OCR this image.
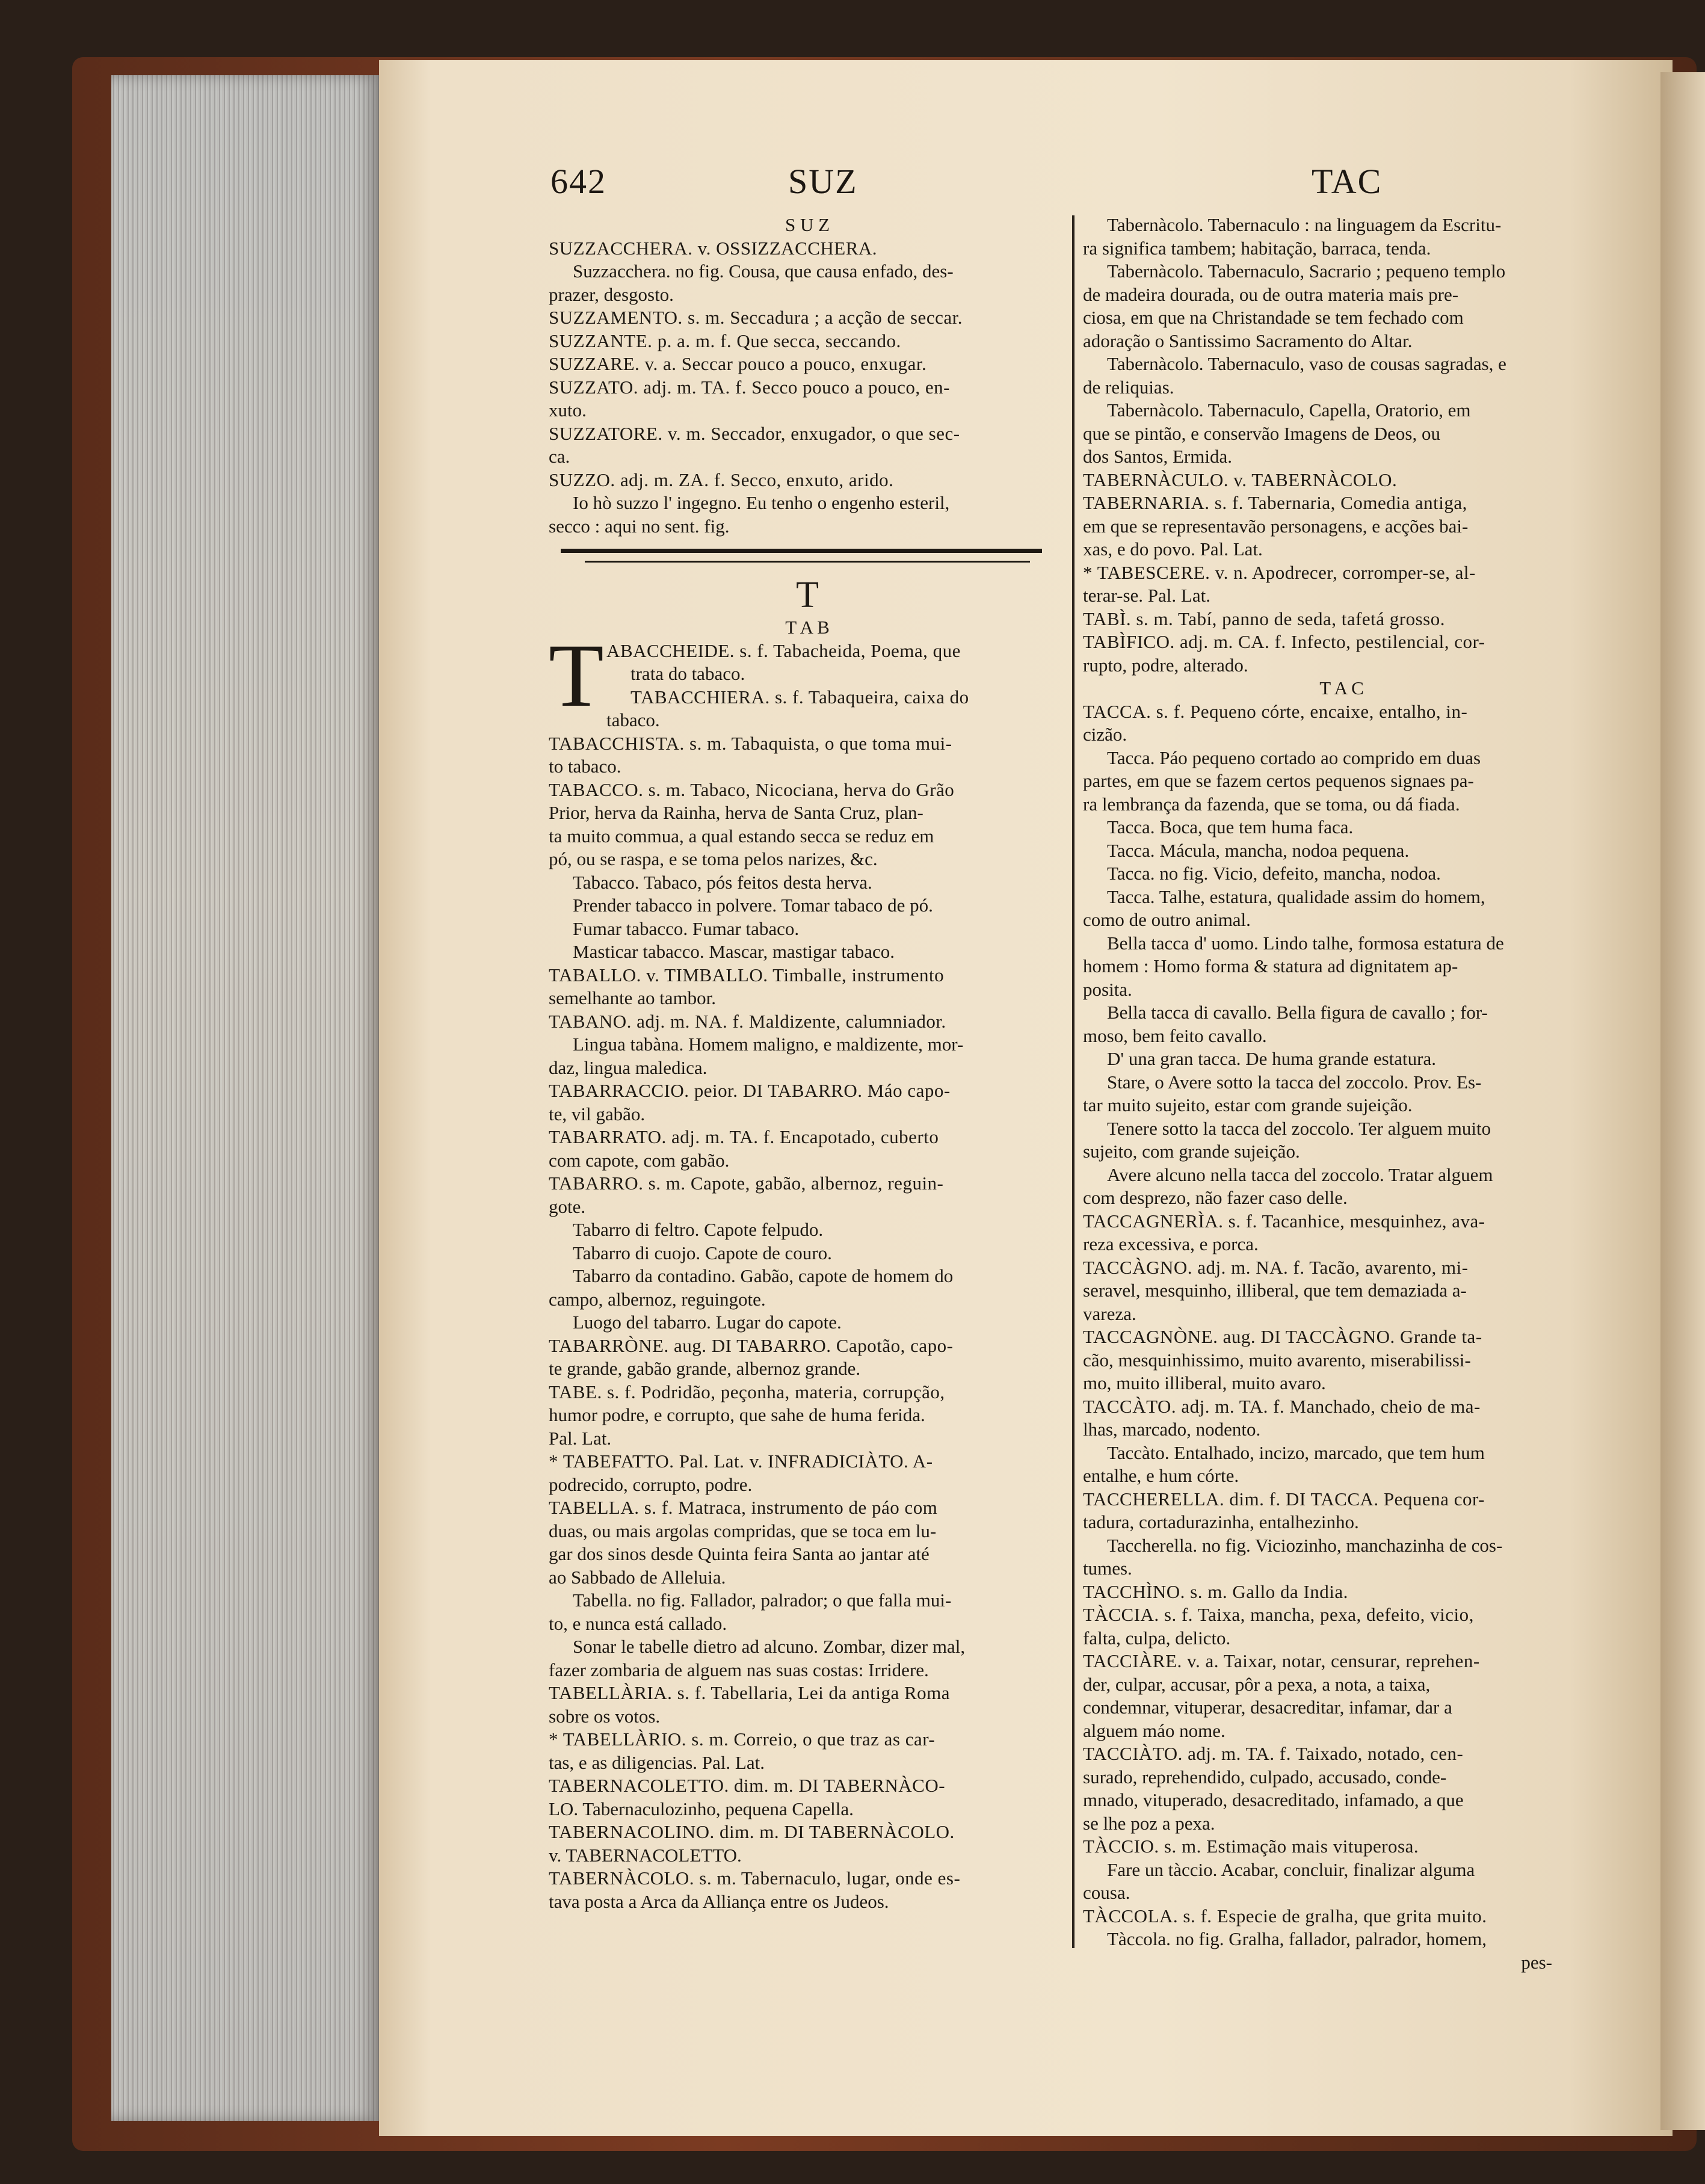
642	SUZ	TAC
S U Z
SUZZACCHERA. v. OSSIZZACCHERA.
Suzzacchera. no fig. Cousa, que causa enfado, des-
prazer, desgosto.
SUZZAMENTO. s. m. Seccadura ; a acção de seccar.
SUZZANTE. p. a. m. f. Que secca, seccando.
SUZZARE. v. a. Seccar pouco a pouco, enxugar.
SUZZATO. adj. m. TA. f. Secco pouco a pouco, en-
xuto.
SUZZATORE. v. m. Seccador, enxugador, o que sec-
ca.
SUZZO. adj. m. ZA. f. Secco, enxuto, arido.
Io hò suzzo l' ingegno. Eu tenho o engenho esteril,
secco : aqui no sent. fig.
T
T A B
T ABACCHEIDE. s. f. Tabacheida, Poema, que
trata do tabaco.
TABACCHIERA. s. f. Tabaqueira, caixa do
tabaco.
TABACCHISTA. s. m. Tabaquista, o que toma mui-
to tabaco.
TABACCO. s. m. Tabaco, Nicociana, herva do Grão
Prior, herva da Rainha, herva de Santa Cruz, plan-
ta muito commua, a qual estando secca se reduz em
pó, ou se raspa, e se toma pelos narizes, &c.
Tabacco. Tabaco, pós feitos desta herva.
Prender tabacco in polvere. Tomar tabaco de pó.
Fumar tabacco. Fumar tabaco.
Masticar tabacco. Mascar, mastigar tabaco.
TABALLO. v. TIMBALLO. Timballe, instrumento
semelhante ao tambor.
TABANO. adj. m. NA. f. Maldizente, calumniador.
Lingua tabàna. Homem maligno, e maldizente, mor-
daz, lingua maledica.
TABARRACCIO. peior. DI TABARRO. Máo capo-
te, vil gabão.
TABARRATO. adj. m. TA. f. Encapotado, cuberto
com capote, com gabão.
TABARRO. s. m. Capote, gabão, albernoz, reguin-
gote.
Tabarro di feltro. Capote felpudo.
Tabarro di cuojo. Capote de couro.
Tabarro da contadino. Gabão, capote de homem do
campo, albernoz, reguingote.
Luogo del tabarro. Lugar do capote.
TABARRÒNE. aug. DI TABARRO. Capotão, capo-
te grande, gabão grande, albernoz grande.
TABE. s. f. Podridão, peçonha, materia, corrupção,
humor podre, e corrupto, que sahe de huma ferida.
Pal. Lat.
* TABEFATTO. Pal. Lat. v. INFRADICIÀTO. A-
podrecido, corrupto, podre.
TABELLA. s. f. Matraca, instrumento de páo com
duas, ou mais argolas compridas, que se toca em lu-
gar dos sinos desde Quinta feira Santa ao jantar até
ao Sabbado de Alleluia.
Tabella. no fig. Fallador, palrador; o que falla mui-
to, e nunca está callado.
Sonar le tabelle dietro ad alcuno. Zombar, dizer mal,
fazer zombaria de alguem nas suas costas: Irridere.
TABELLÀRIA. s. f. Tabellaria, Lei da antiga Roma
sobre os votos.
* TABELLÀRIO. s. m. Correio, o que traz as car-
tas, e as diligencias. Pal. Lat.
TABERNACOLETTO. dim. m. DI TABERNÀCO-
LO. Tabernaculozinho, pequena Capella.
TABERNACOLINO. dim. m. DI TABERNÀCOLO.
v. TABERNACOLETTO.
TABERNÀCOLO. s. m. Tabernaculo, lugar, onde es-
tava posta a Arca da Alliança entre os Judeos.
Tabernàcolo. Tabernaculo : na linguagem da Escritu-
ra significa tambem; habitação, barraca, tenda.
Tabernàcolo. Tabernaculo, Sacrario ; pequeno templo
de madeira dourada, ou de outra materia mais pre-
ciosa, em que na Christandade se tem fechado com
adoração o Santissimo Sacramento do Altar.
Tabernàcolo. Tabernaculo, vaso de cousas sagradas, e
de reliquias.
Tabernàcolo. Tabernaculo, Capella, Oratorio, em
que se pintão, e conservão Imagens de Deos, ou
dos Santos, Ermida.
TABERNÀCULO. v. TABERNÀCOLO.
TABERNARIA. s. f. Tabernaria, Comedia antiga,
em que se representavão personagens, e acções bai-
xas, e do povo. Pal. Lat.
* TABESCERE. v. n. Apodrecer, corromper-se, al-
terar-se. Pal. Lat.
TABÌ. s. m. Tabí, panno de seda, tafetá grosso.
TABÌFICO. adj. m. CA. f. Infecto, pestilencial, cor-
rupto, podre, alterado.
T A C
TACCA. s. f. Pequeno córte, encaixe, entalho, in-
cizão.
Tacca. Páo pequeno cortado ao comprido em duas
partes, em que se fazem certos pequenos signaes pa-
ra lembrança da fazenda, que se toma, ou dá fiada.
Tacca. Boca, que tem huma faca.
Tacca. Mácula, mancha, nodoa pequena.
Tacca. no fig. Vicio, defeito, mancha, nodoa.
Tacca. Talhe, estatura, qualidade assim do homem,
como de outro animal.
Bella tacca d' uomo. Lindo talhe, formosa estatura de
homem : Homo forma & statura ad dignitatem ap-
posita.
Bella tacca di cavallo. Bella figura de cavallo ; for-
moso, bem feito cavallo.
D' una gran tacca. De huma grande estatura.
Stare, o Avere sotto la tacca del zoccolo. Prov. Es-
tar muito sujeito, estar com grande sujeição.
Tenere sotto la tacca del zoccolo. Ter alguem muito
sujeito, com grande sujeição.
Avere alcuno nella tacca del zoccolo. Tratar alguem
com desprezo, não fazer caso delle.
TACCAGNERÌA. s. f. Tacanhice, mesquinhez, ava-
reza excessiva, e porca.
TACCÀGNO. adj. m. NA. f. Tacão, avarento, mi-
seravel, mesquinho, illiberal, que tem demaziada a-
vareza.
TACCAGNÒNE. aug. DI TACCÀGNO. Grande ta-
cão, mesquinhissimo, muito avarento, miserabilissi-
mo, muito illiberal, muito avaro.
TACCÀTO. adj. m. TA. f. Manchado, cheio de ma-
lhas, marcado, nodento.
Taccàto. Entalhado, incizo, marcado, que tem hum
entalhe, e hum córte.
TACCHERELLA. dim. f. DI TACCA. Pequena cor-
tadura, cortadurazinha, entalhezinho.
Taccherella. no fig. Viciozinho, manchazinha de cos-
tumes.
TACCHÌNO. s. m. Gallo da India.
TÀCCIA. s. f. Taixa, mancha, pexa, defeito, vicio,
falta, culpa, delicto.
TACCIÀRE. v. a. Taixar, notar, censurar, reprehen-
der, culpar, accusar, pôr a pexa, a nota, a taixa,
condemnar, vituperar, desacreditar, infamar, dar a
alguem máo nome.
TACCIÀTO. adj. m. TA. f. Taixado, notado, cen-
surado, reprehendido, culpado, accusado, conde-
mnado, vituperado, desacreditado, infamado, a que
se lhe poz a pexa.
TÀCCIO. s. m. Estimação mais vituperosa.
Fare un tàccio. Acabar, concluir, finalizar alguma
cousa.
TÀCCOLA. s. f. Especie de gralha, que grita muito.
Tàccola. no fig. Gralha, fallador, palrador, homem,
pes-
